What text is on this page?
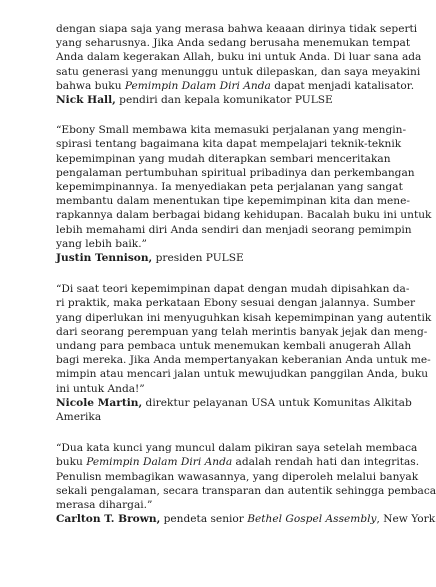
dengan siapa saja yang merasa bahwa keaaan dirinya tidak seperti
yang seharusnya. Jika Anda sedang berusaha menemukan tempat
Anda dalam kegerakan Allah, buku ini untuk Anda. Di luar sana ada
satu generasi yang menunggu untuk dilepaskan, dan saya meyakini
bahwa buku Pemimpin Dalam Diri Anda dapat menjadi katalisator.
Nick Hall, pendiri dan kepala komunikator PULSE
“Ebony Small membawa kita memasuki perjalanan yang mengin-
spirasi tentang bagaimana kita dapat mempelajari teknik-teknik
kepemimpinan yang mudah diterapkan sembari menceritakan
pengalaman pertumbuhan spiritual pribadinya dan perkembangan
kepemimpinannya. Ia menyediakan peta perjalanan yang sangat
membantu dalam menentukan tipe kepemimpinan kita dan mene-
rapkannya dalam berbagai bidang kehidupan. Bacalah buku ini untuk
lebih memahami diri Anda sendiri dan menjadi seorang pemimpin
yang lebih baik.”
Justin Tennison, presiden PULSE
“Di saat teori kepemimpinan dapat dengan mudah dipisahkan da-
ri praktik, maka perkataan Ebony sesuai dengan jalannya. Sumber
yang diperlukan ini menyuguhkan kisah kepemimpinan yang autentik
dari seorang perempuan yang telah merintis banyak jejak dan meng-
undang para pembaca untuk menemukan kembali anugerah Allah
bagi mereka. Jika Anda mempertanyakan keberanian Anda untuk me-
mimpin atau mencari jalan untuk mewujudkan panggilan Anda, buku
ini untuk Anda!”
Nicole Martin, direktur pelayanan USA untuk Komunitas Alkitab
Amerika
“Dua kata kunci yang muncul dalam pikiran saya setelah membaca
buku Pemimpin Dalam Diri Anda adalah rendah hati dan integritas.
Penulisn membagikan wawasannya, yang diperoleh melalui banyak
sekali pengalaman, secara transparan dan autentik sehingga pembaca
merasa dihargai.”
Carlton T. Brown, pendeta senior Bethel Gospel Assembly, New York
